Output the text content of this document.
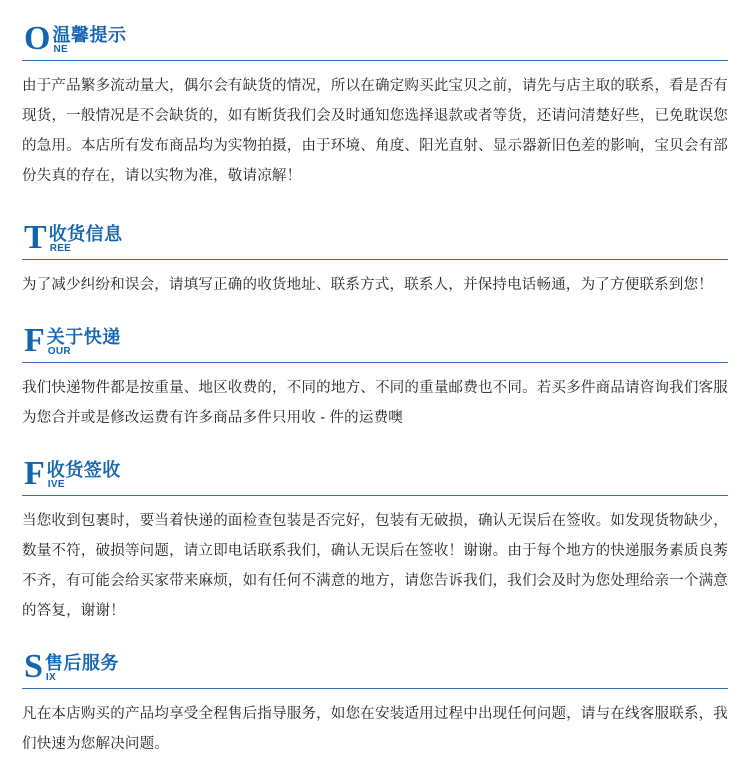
O 温馨提示
NE

由于产品繁多流动量大，偶尔会有缺货的情况，所以在确定购买此宝贝之前，请先与店主取的联系，看是否有现货，一般情况是不会缺货的，如有断货我们会及时通知您选择退款或者等货，还请问清楚好些，已免耽误您的急用。本店所有发布商品均为实物拍摄，由于环境、角度、阳光直射、显示器新旧色差的影响，宝贝会有部份失真的存在，请以实物为准，敬请凉解！

T 收货信息
REE

为了减少纠纷和误会，请填写正确的收货地址、联系方式，联系人，并保持电话畅通，为了方便联系到您！

F 关于快递
OUR

我们快递物件都是按重量、地区收费的，不同的地方、不同的重量邮费也不同。若买多件商品请咨询我们客服为您合并或是修改运费有许多商品多件只用收 - 件的运费噢

F 收货签收
IVE

当您收到包裹时，要当着快递的面检查包装是否完好，包装有无破损，确认无误后在签收。如发现货物缺少，数量不符，破损等问题，请立即电话联系我们，确认无误后在签收！谢谢。由于每个地方的快递服务素质良莠不齐，有可能会给买家带来麻烦，如有任何不满意的地方，请您告诉我们，我们会及时为您处理给亲一个满意的答复，谢谢！

S 售后服务
IX

凡在本店购买的产品均享受全程售后指导服务，如您在安装适用过程中出现任何问题，请与在线客服联系，我们快速为您解决问题。
